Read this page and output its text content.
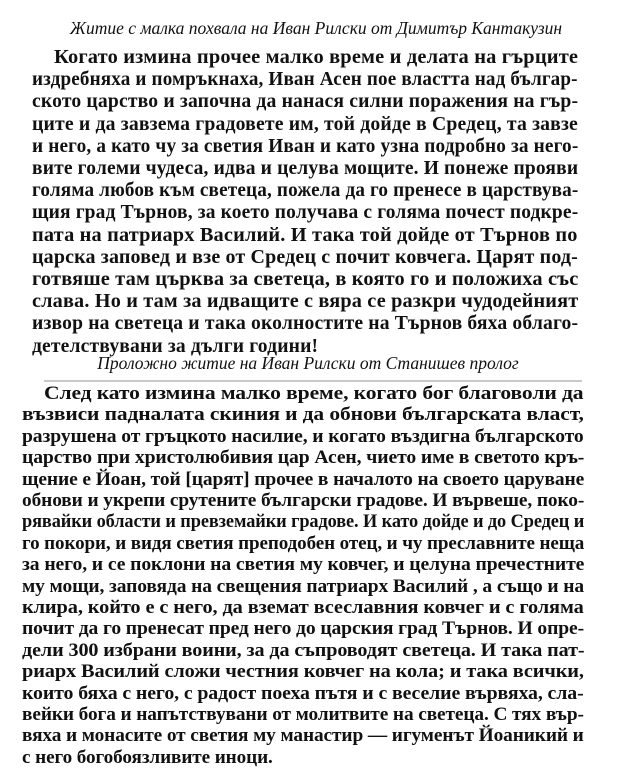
Житие с малка похвала на Иван Рилски от Димитър Кантакузин
Когато измина прочее малко време и делата на гърците
издребняха и помръкнаха, Иван Асен пое властта над българ-
ското царство и започна да нанася силни поражения на гър-
ците и да завзема градовете им, той дойде в Средец, та завзе
и него, а като чу за светия Иван и като узна подробно за него-
вите големи чудеса, идва и целува мощите. И понеже прояви
голяма любов към светеца, пожела да го пренесе в царствува-
щия град Търнов, за което получава с голяма почест подкре-
пата на патриарх Василий. И така той дойде от Търнов по
царска заповед и взе от Средец с почит ковчега. Царят под-
готвяше там църква за светеца, в която го и положиха със
слава. Но и там за идващите с вяра се разкри чудодейният
извор на светеца и така околностите на Търнов бяха облаго-
детелствувани за дълги години!
Проложно житие на Иван Рилски от Станишев пролог
След като измина малко време, когато бог благоволи да
възвиси падналата скиния и да обнови българската власт,
разрушена от гръцкото насилие, и когато въздигна българското
царство при христолюбивия цар Асен, чието име в светото кръ-
щение е Йоан, той [царят] прочее в началото на своето царуване
обнови и укрепи срутените български градове. И вървеше, поко-
рявайки области и превземайки градове. И като дойде и до Средец и
го покори, и видя светия преподобен отец, и чу преславните неща
за него, и се поклони на светия му ковчег, и целуна пречестните
му мощи, заповяда на свещения патриарх Василий , а също и на
клира, който е с него, да вземат всеславния ковчег и с голяма
почит да го пренесат пред него до царския град Търнов. И опре-
дели 300 избрани воини, за да съпроводят светеца. И така пат-
риарх Василий сложи честния ковчег на кола; и така всички,
които бяха с него, с радост поеха пътя и с веселие вървяха, сла-
вейки бога и напътствувани от молитвите на светеца. С тях вър-
вяха и монасите от светия му манастир — игуменът Йоаникий и
с него богобоязливите иноци.
